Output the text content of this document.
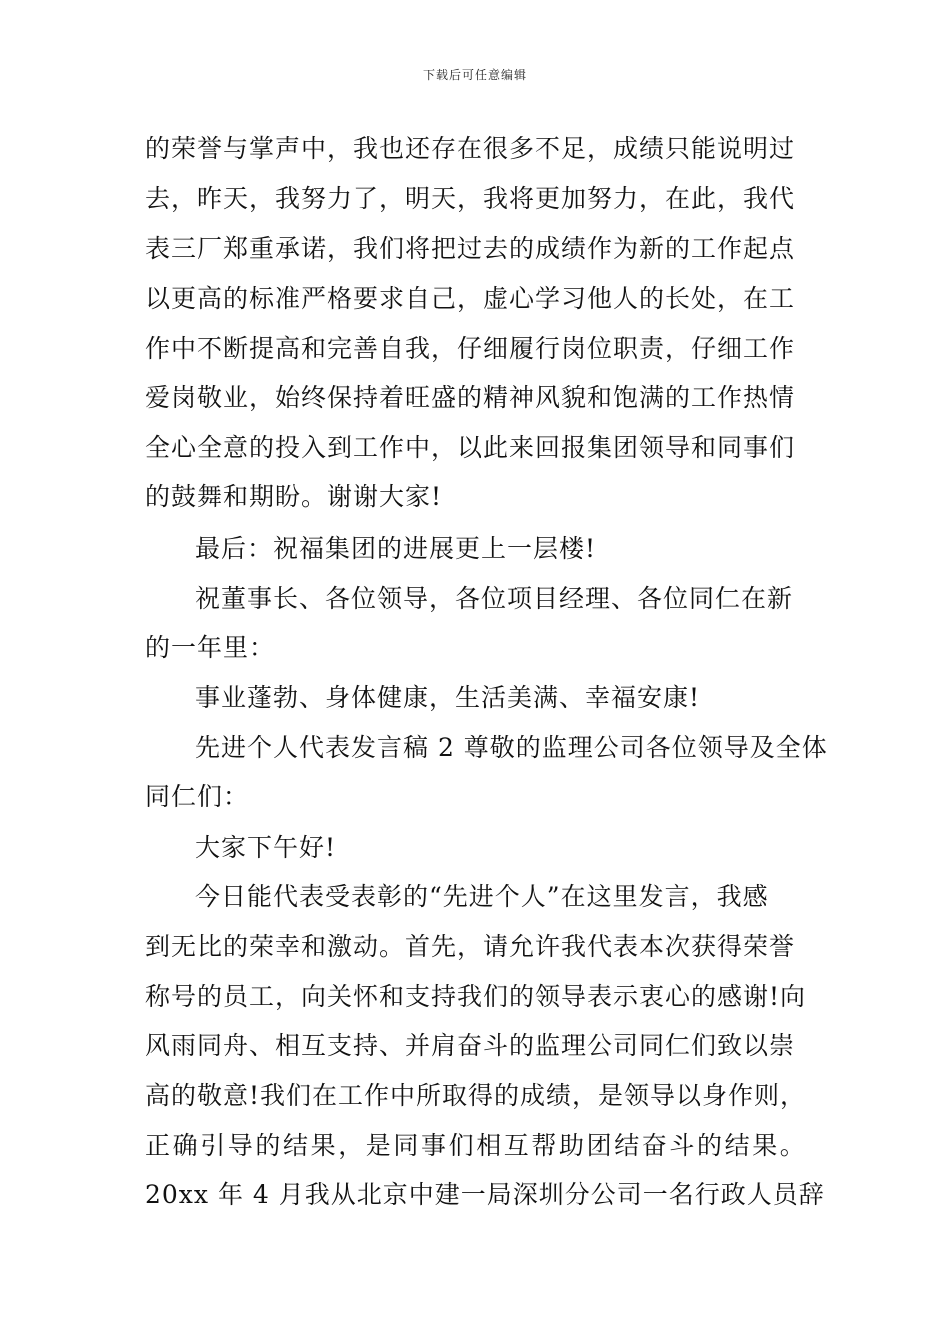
下载后可任意编辑
的荣誉与掌声中，我也还存在很多不足，成绩只能说明过
去，昨天，我努力了，明天，我将更加努力，在此，我代
表三厂郑重承诺，我们将把过去的成绩作为新的工作起点
以更高的标准严格要求自己，虚心学习他人的长处，在工
作中不断提高和完善自我，仔细履行岗位职责，仔细工作
爱岗敬业，始终保持着旺盛的精神风貌和饱满的工作热情
全心全意的投入到工作中，以此来回报集团领导和同事们
的鼓舞和期盼。谢谢大家!
最后：祝福集团的进展更上一层楼!
祝董事长、各位领导，各位项目经理、各位同仁在新
的一年里：
事业蓬勃、身体健康，生活美满、幸福安康!
先进个人代表发言稿 2 尊敬的监理公司各位领导及全体
同仁们：
大家下午好!
今日能代表受表彰的“先进个人”在这里发言，我感
到无比的荣幸和激动。首先，请允许我代表本次获得荣誉
称号的员工，向关怀和支持我们的领导表示衷心的感谢!向
风雨同舟、相互支持、并肩奋斗的监理公司同仁们致以崇
高的敬意!我们在工作中所取得的成绩，是领导以身作则，
正确引导的结果，是同事们相互帮助团结奋斗的结果。
20xx 年 4 月我从北京中建一局深圳分公司一名行政人员辞
